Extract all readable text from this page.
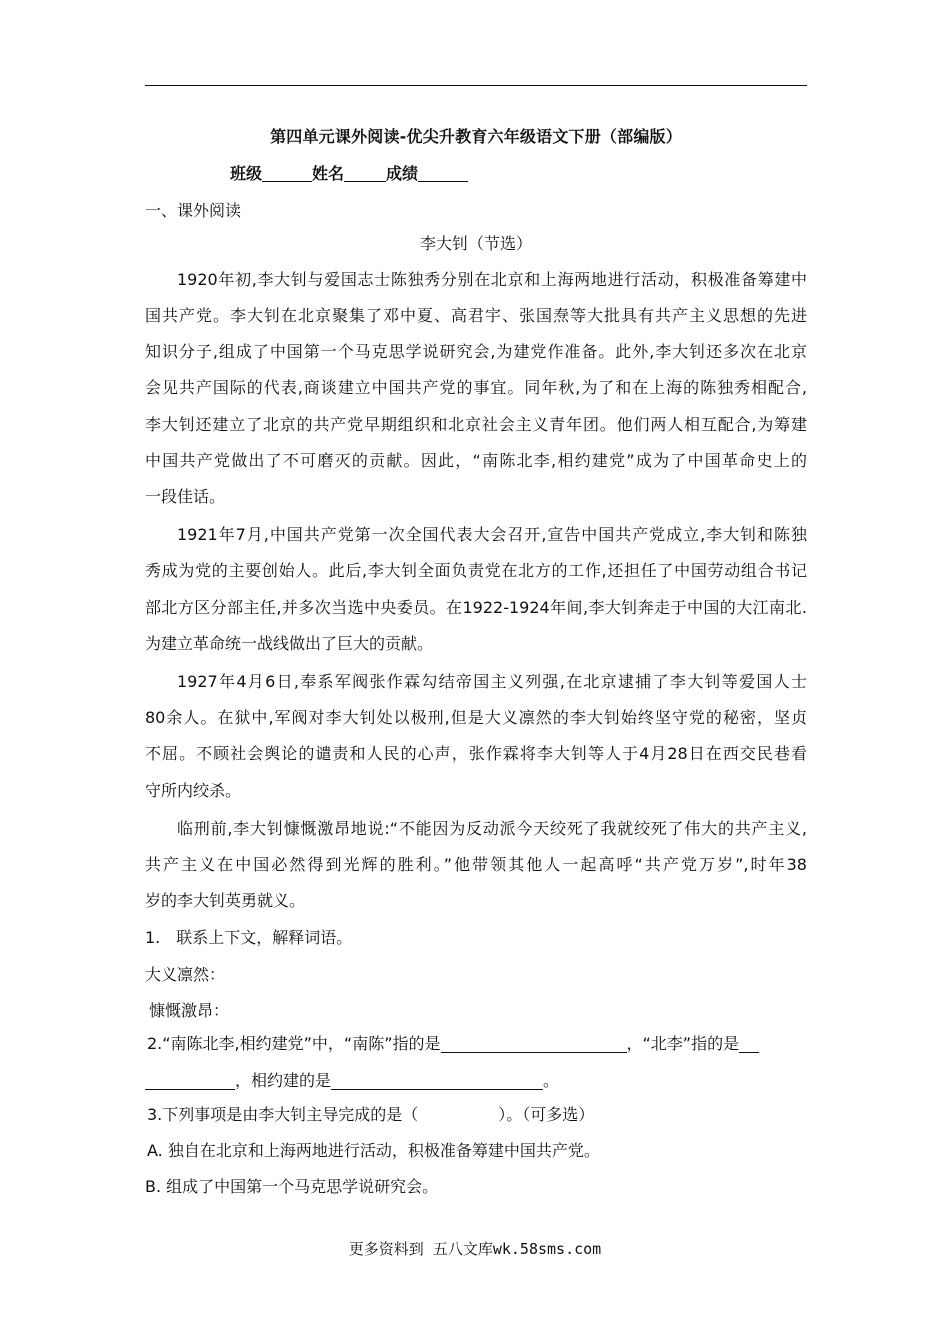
第四单元课外阅读-优尖升教育六年级语文下册（部编版）
班级	姓名	成绩
一、课外阅读
李大钊（节选）
1920年初,李大钊与爱国志士陈独秀分别在北京和上海两地进行活动，积极准备筹建中
国共产党。李大钊在北京聚集了邓中夏、高君宇、张国焘等大批具有共产主义思想的先进
知识分子,组成了中国第一个马克思学说研究会,为建党作准备。此外,李大钊还多次在北京
会见共产国际的代表,商谈建立中国共产党的事宜。同年秋,为了和在上海的陈独秀相配合,
李大钊还建立了北京的共产党早期组织和北京社会主义青年团。他们两人相互配合,为筹建
中国共产党做出了不可磨灭的贡献。因此，“南陈北李,相约建党”成为了中国革命史上的
一段佳话。
1921年7月,中国共产党第一次全国代表大会召开,宣告中国共产党成立,李大钊和陈独
秀成为党的主要创始人。此后,李大钊全面负责党在北方的工作,还担任了中国劳动组合书记
部北方区分部主任,并多次当选中央委员。在1922-1924年间,李大钊奔走于中国的大江南北.
为建立革命统一战线做出了巨大的贡献。
1927年4月6日,奉系军阀张作霖勾结帝国主义列强,在北京逮捕了李大钊等爱国人士
80余人。在狱中,军阀对李大钊处以极刑,但是大义凛然的李大钊始终坚守党的秘密，坚贞
不屈。不顾社会舆论的谴责和人民的心声，张作霖将李大钊等人于4月28日在西交民巷看
守所内绞杀。
临刑前,李大钊慷慨激昂地说:“不能因为反动派今天绞死了我就绞死了伟大的共产主义,
共产主义在中国必然得到光辉的胜利。”他带领其他人一起高呼“共产党万岁”,时年38
岁的李大钊英勇就义。
1.　联系上下文，解释词语。
大义凛然：
慷慨激昂：
2.“南陈北李,相约建党”中，“南陈”指的是	，“北李”指的是
，相约建的是	。
3.下列事项是由李大钊主导完成的是（　　　　　）。（可多选）
A. 独自在北京和上海两地进行活动，积极准备筹建中国共产党。
B. 组成了中国第一个马克思学说研究会。
更多资料到 五八文库wk.58sms.com
